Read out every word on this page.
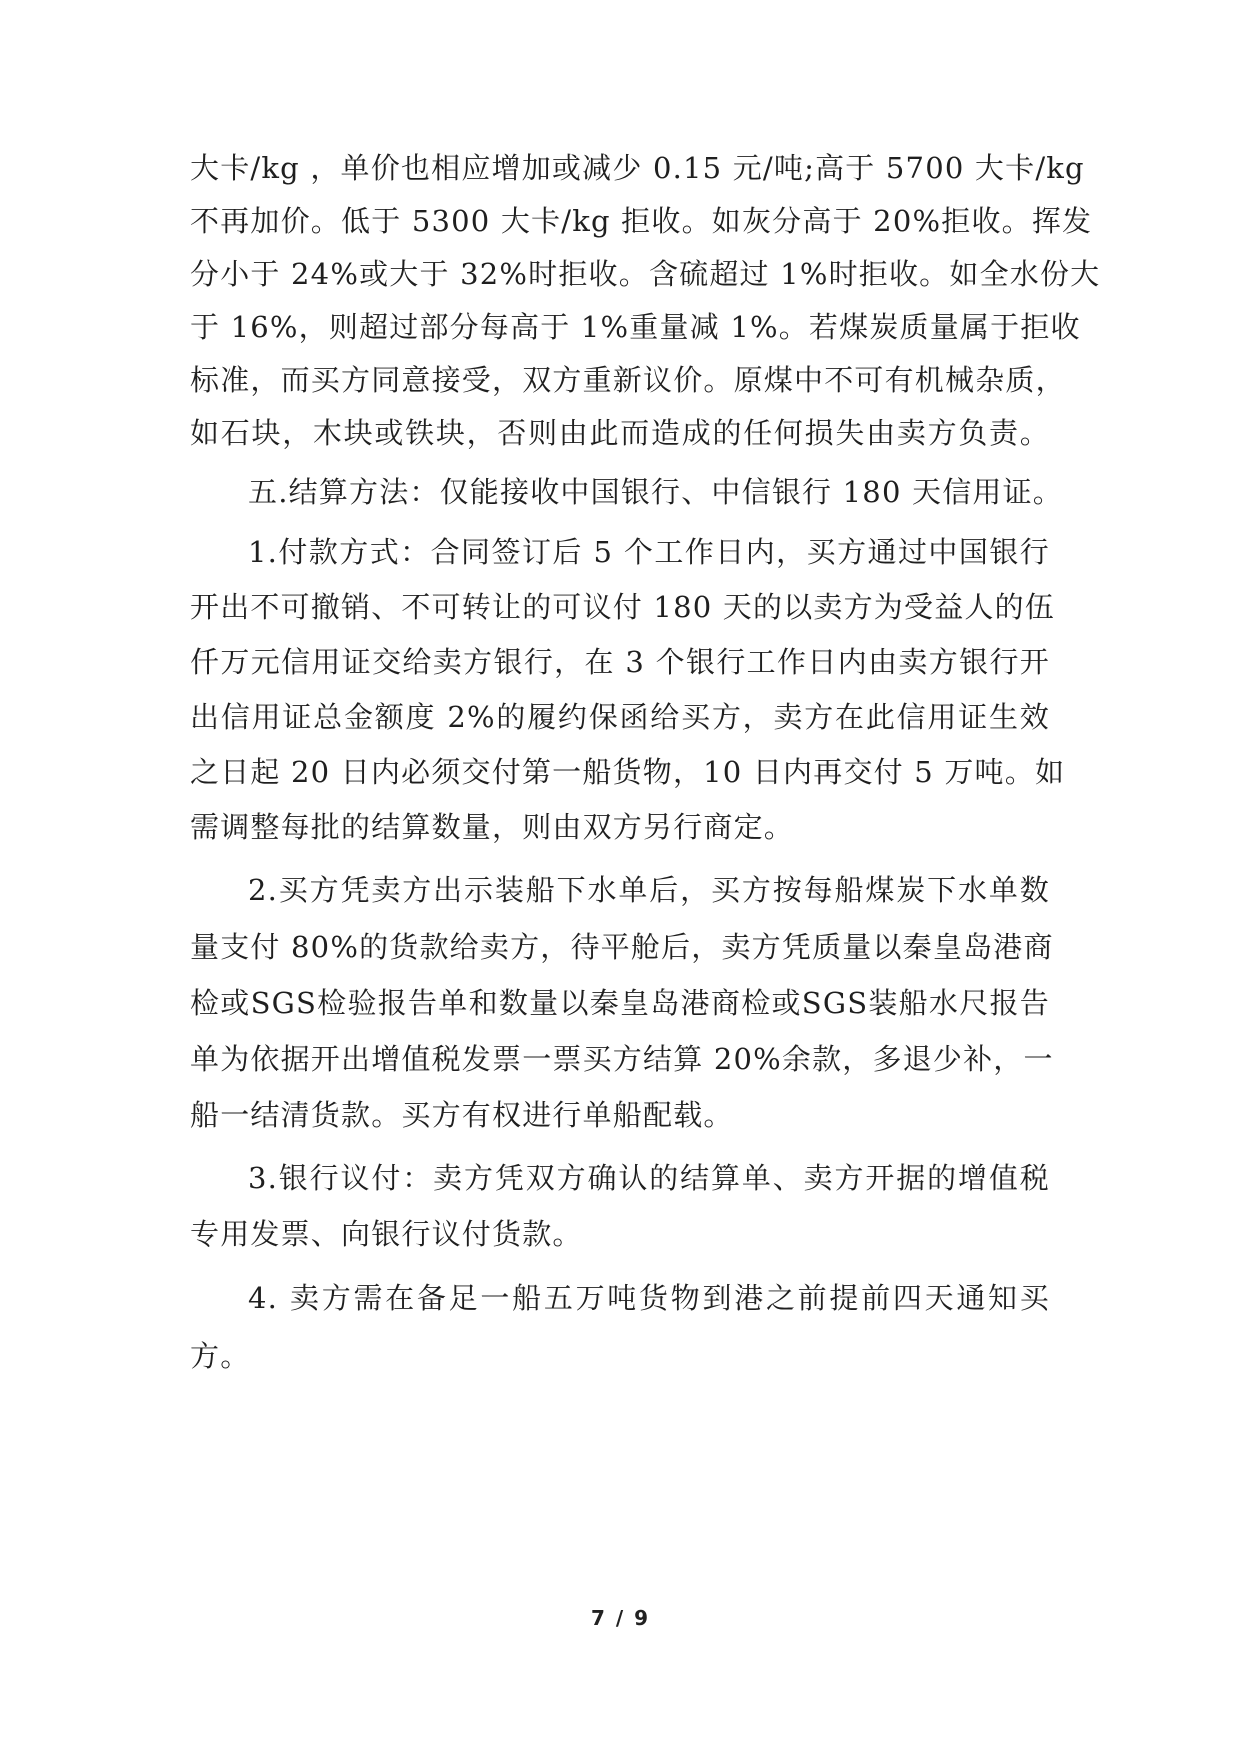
大卡/kg ，单价也相应增加或减少 0.15 元/吨;高于 5700 大卡/kg
不再加价。低于 5300 大卡/kg 拒收。如灰分高于 20%拒收。挥发
分小于 24%或大于 32%时拒收。含硫超过 1%时拒收。如全水份大
于 16%，则超过部分每高于 1%重量减 1%。若煤炭质量属于拒收
标准，而买方同意接受，双方重新议价。原煤中不可有机械杂质，
如石块，木块或铁块，否则由此而造成的任何损失由卖方负责。
五.结算方法：仅能接收中国银行、中信银行 180 天信用证。
1.付款方式：合同签订后 5 个工作日内，买方通过中国银行
开出不可撤销、不可转让的可议付 180 天的以卖方为受益人的伍
仟万元信用证交给卖方银行，在 3 个银行工作日内由卖方银行开
出信用证总金额度 2%的履约保函给买方，卖方在此信用证生效
之日起 20 日内必须交付第一船货物，10 日内再交付 5 万吨。如
需调整每批的结算数量，则由双方另行商定。
2.买方凭卖方出示装船下水单后，买方按每船煤炭下水单数
量支付 80%的货款给卖方，待平舱后，卖方凭质量以秦皇岛港商
检或SGS检验报告单和数量以秦皇岛港商检或SGS装船水尺报告
单为依据开出增值税发票一票买方结算 20%余款，多退少补，一
船一结清货款。买方有权进行单船配载。
3.银行议付：卖方凭双方确认的结算单、卖方开据的增值税
专用发票、向银行议付货款。
4. 卖方需在备足一船五万吨货物到港之前提前四天通知买
方。
7 / 9
